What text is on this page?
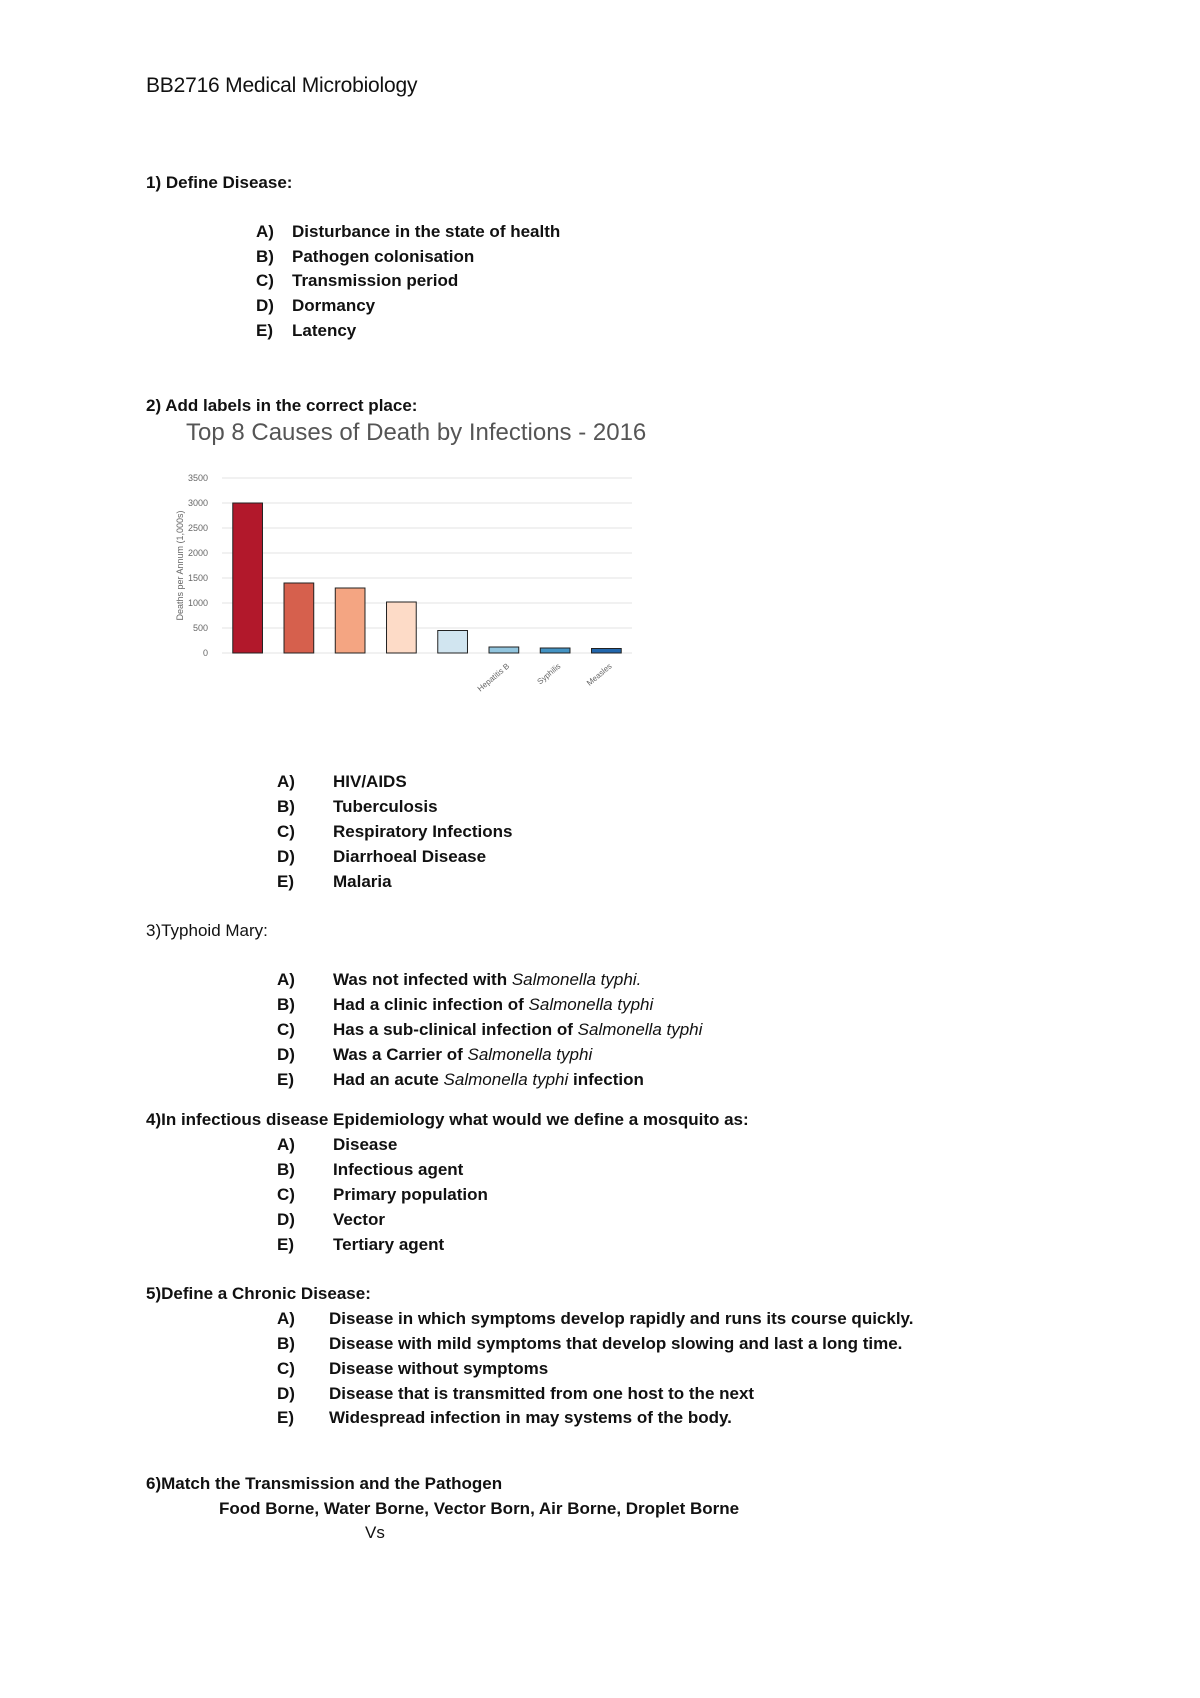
BB2716 Medical Microbiology
1) Define Disease:
A) Disturbance in the state of health
B) Pathogen colonisation
C) Transmission period
D) Dormancy
E) Latency
2) Add labels in the correct place:
Top 8 Causes of Death by Infections - 2016
0
500
1000
1500
2000
2500
3000
3500
Deaths per Annum (1,000s)
Hepatitis B	Syphilis	Measles
A) HIV/AIDS
B) Tuberculosis
C) Respiratory Infections
D) Diarrhoeal Disease
E) Malaria
3)Typhoid Mary:
A) Was not infected with Salmonella typhi.
B) Had a clinic infection of Salmonella typhi
C) Has a sub-clinical infection of Salmonella typhi
D) Was a Carrier of Salmonella typhi
E) Had an acute Salmonella typhi infection
4)In infectious disease Epidemiology what would we define a mosquito as:
A) Disease
B) Infectious agent
C) Primary population
D) Vector
E) Tertiary agent
5)Define a Chronic Disease:
A) Disease in which symptoms develop rapidly and runs its course quickly.
B) Disease with mild symptoms that develop slowing and last a long time.
C) Disease without symptoms
D) Disease that is transmitted from one host to the next
E) Widespread infection in may systems of the body.
6)Match the Transmission and the Pathogen
Food Borne, Water Borne, Vector Born, Air Borne, Droplet Borne
Vs
